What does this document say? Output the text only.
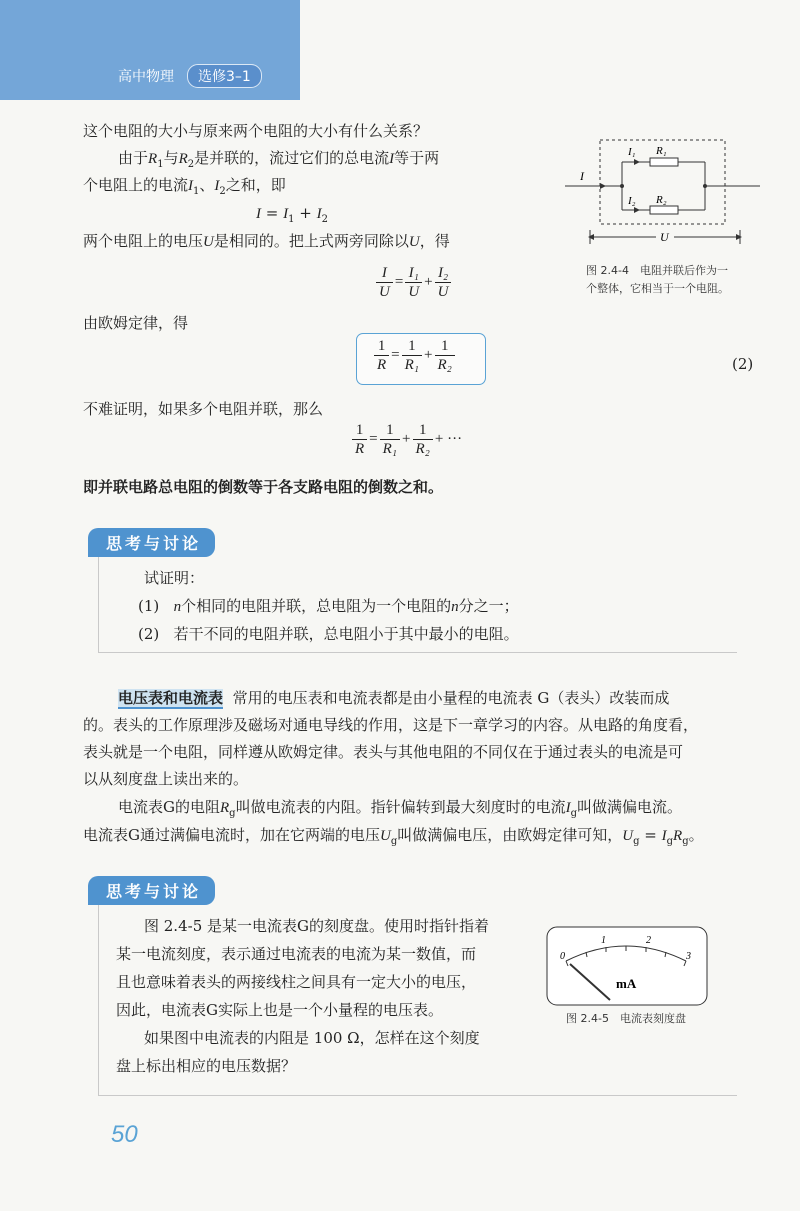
高中物理	选修3–1
这个电阻的大小与原来两个电阻的大小有什么关系？
由于$R_1$与$R_2$是并联的，流过它们的总电流I等于两
个电阻上的电流$I_1$、$I_2$之和，即
$I = I_1 + I_2$
两个电阻上的电压U是相同的。把上式两旁同除以U，得
$\frac{I}{U} = \frac{\text{I₁}}{U} + \frac{\text{I₂}}{U}$
由欧姆定律，得
$\frac{1}{R} = \frac{1}{\text{R₁}} + \frac{1}{\text{R₂}}$	(2)
不难证明，如果多个电阻并联，那么
$\frac{1}{R} = \frac{1}{\text{R₁}} + \frac{1}{\text{R₂}}$ + ···
即并联电路总电阻的倒数等于各支路电阻的倒数之和。
I
I₁ R₁
I₂ R₂
U
图 2.4-4　电阻并联后作为一
个整体，它相当于一个电阻。
思考与讨论
试证明：
(1) n个相同的电阻并联，总电阻为一个电阻的n分之一；
(2) 若干不同的电阻并联，总电阻小于其中最小的电阻。
电压表和电流表 常用的电压表和电流表都是由小量程的电流表 G（表头）改装而成
的。表头的工作原理涉及磁场对通电导线的作用，这是下一章学习的内容。从电路的角度看，
表头就是一个电阻，同样遵从欧姆定律。表头与其他电阻的不同仅在于通过表头的电流是可
以从刻度盘上读出来的。
电流表G的电阻$R_g$叫做电流表的内阻。指针偏转到最大刻度时的电流$I_g$叫做满偏电流。
电流表G通过满偏电流时，加在它两端的电压$U_g$叫做满偏电压，由欧姆定律可知，$U_g = I_gR_g$。
思考与讨论
图 2.4-5 是某一电流表G的刻度盘。使用时指针指着
某一电流刻度，表示通过电流表的电流为某一数值，而
且也意味着表头的两接线柱之间具有一定大小的电压，
因此，电流表G实际上也是一个小量程的电压表。
如果图中电流表的内阻是 100 Ω，怎样在这个刻度
盘上标出相应的电压数据？
0
1	2
3
mA
图 2.4-5　电流表刻度盘
50
